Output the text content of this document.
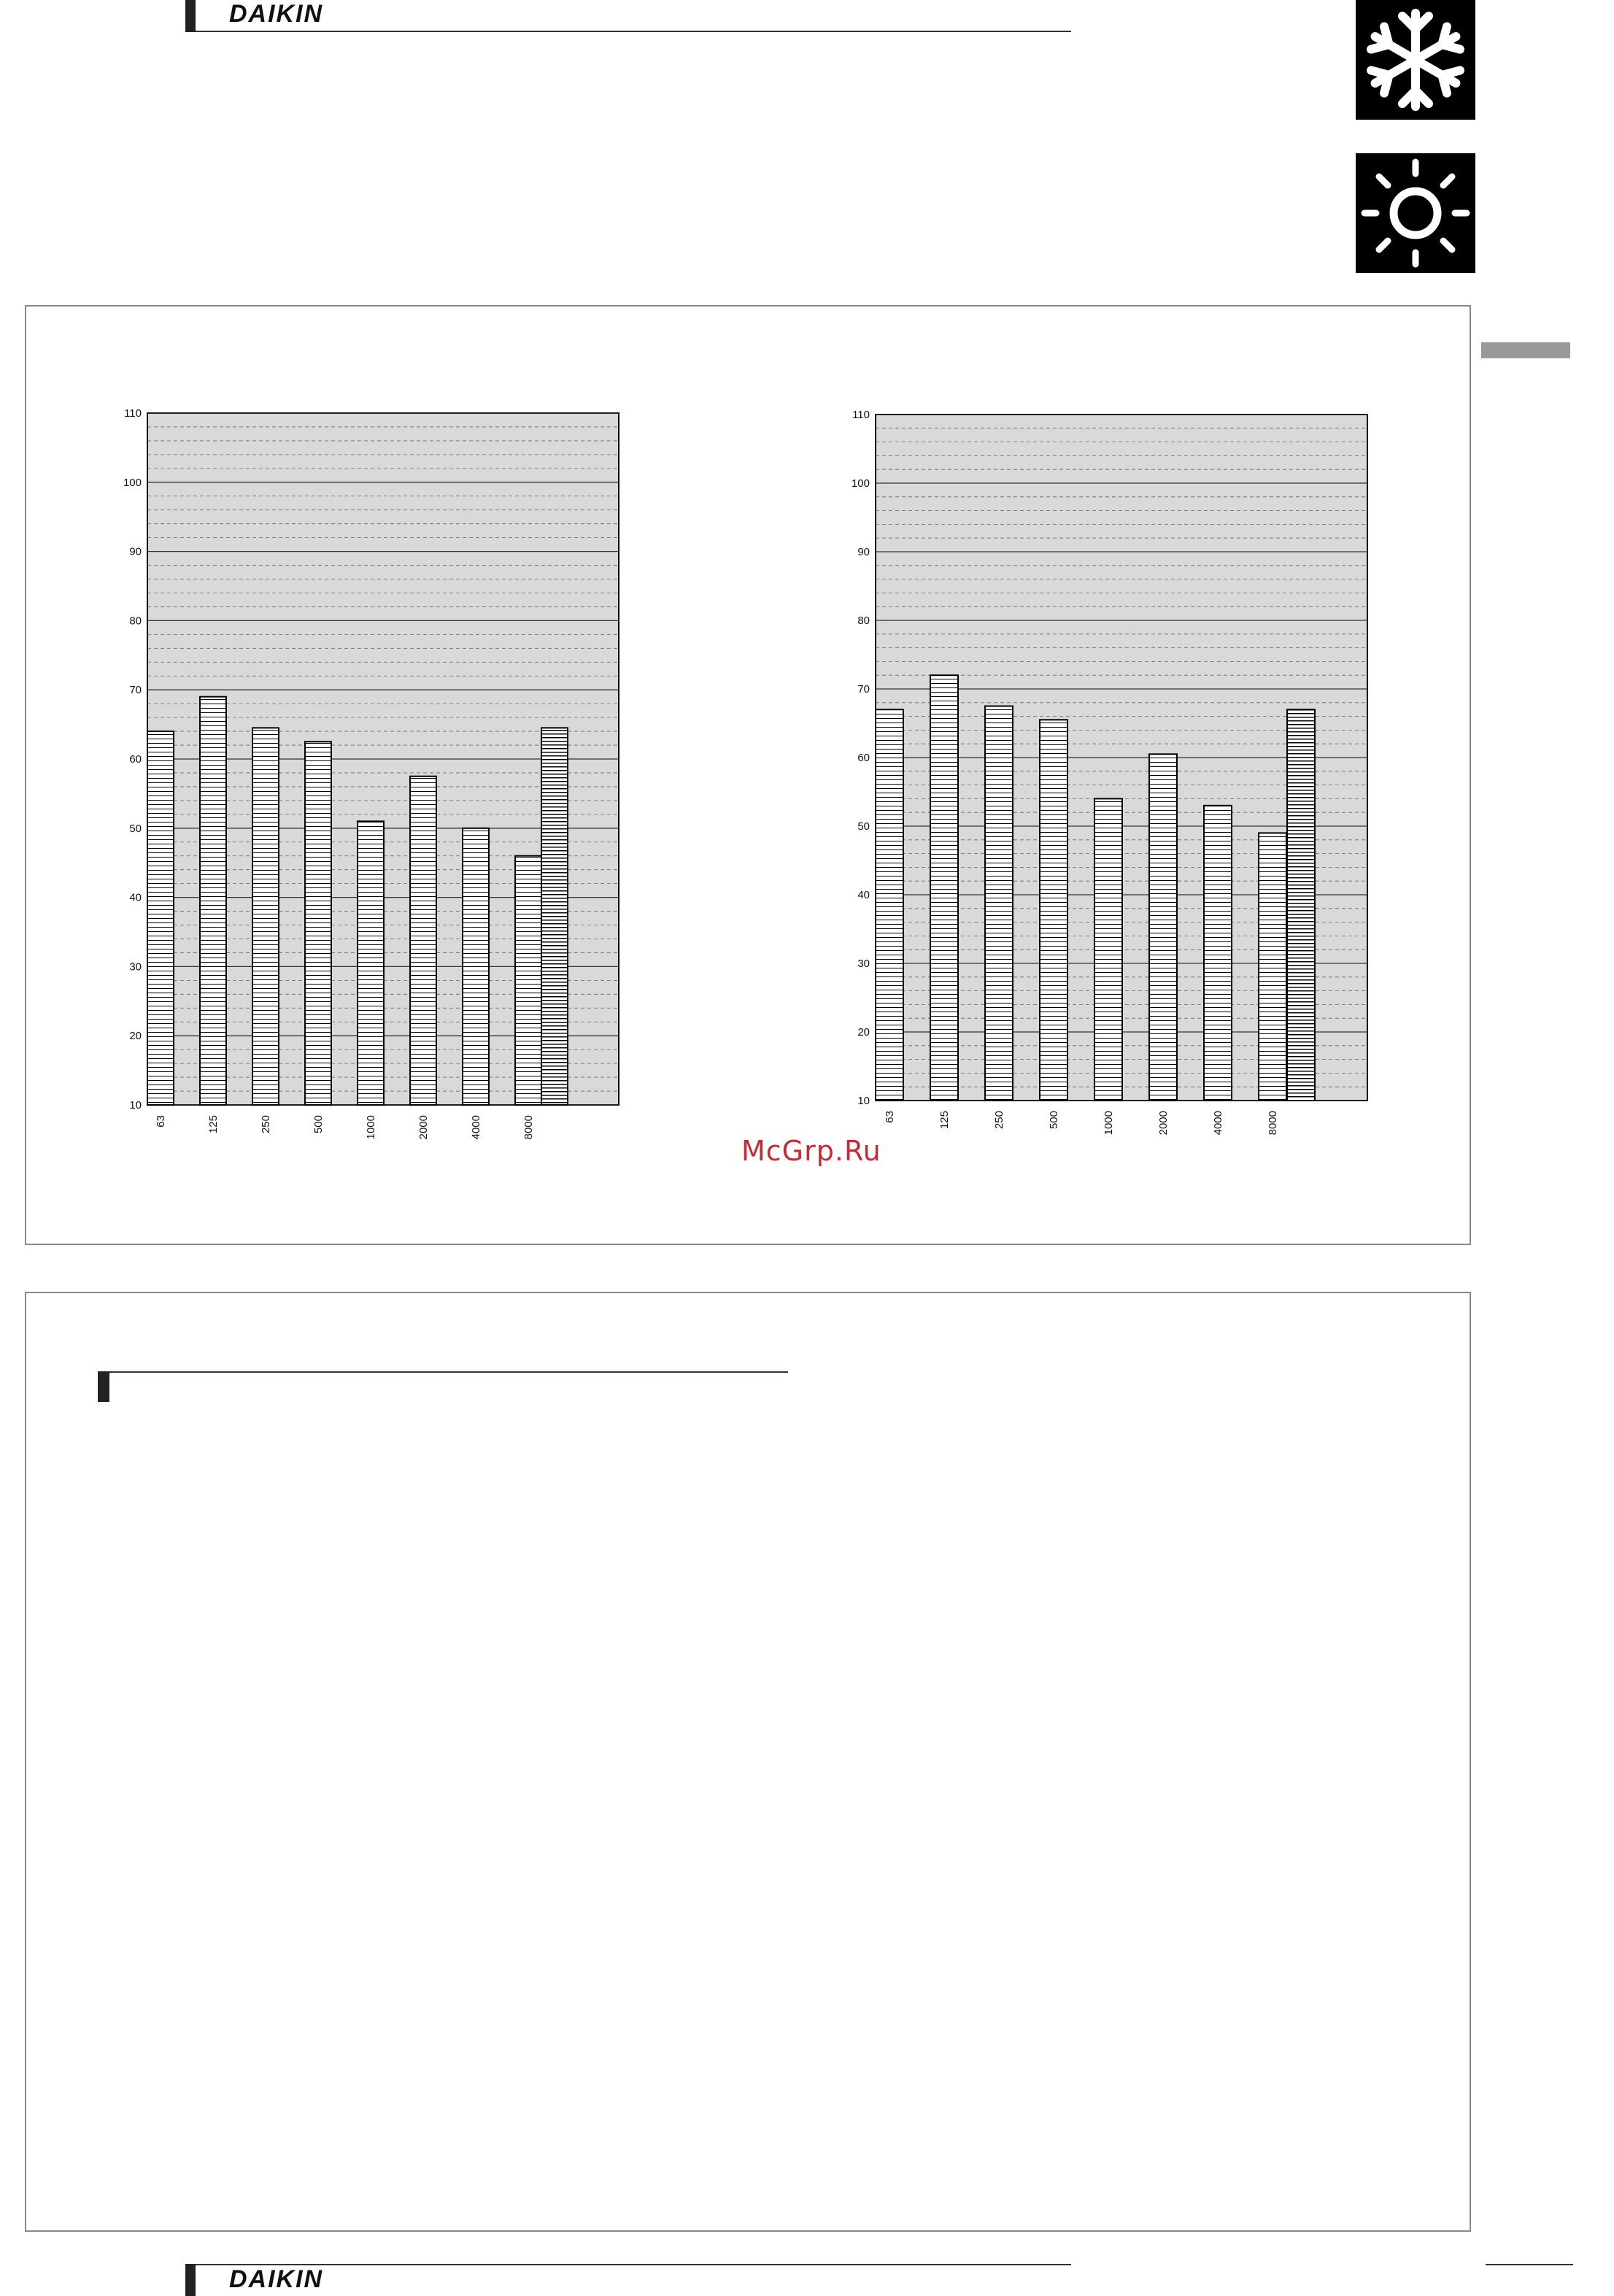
DAIKIN
10
20
30
40
50
60
70
80
90
100
110
63	125	250	500	1000	2000	4000	8000
10
20
30
40
50
60
70
80
90
100
110
63	125	250	500	1000	2000	4000	8000
McGrp.Ru
DAIKIN
